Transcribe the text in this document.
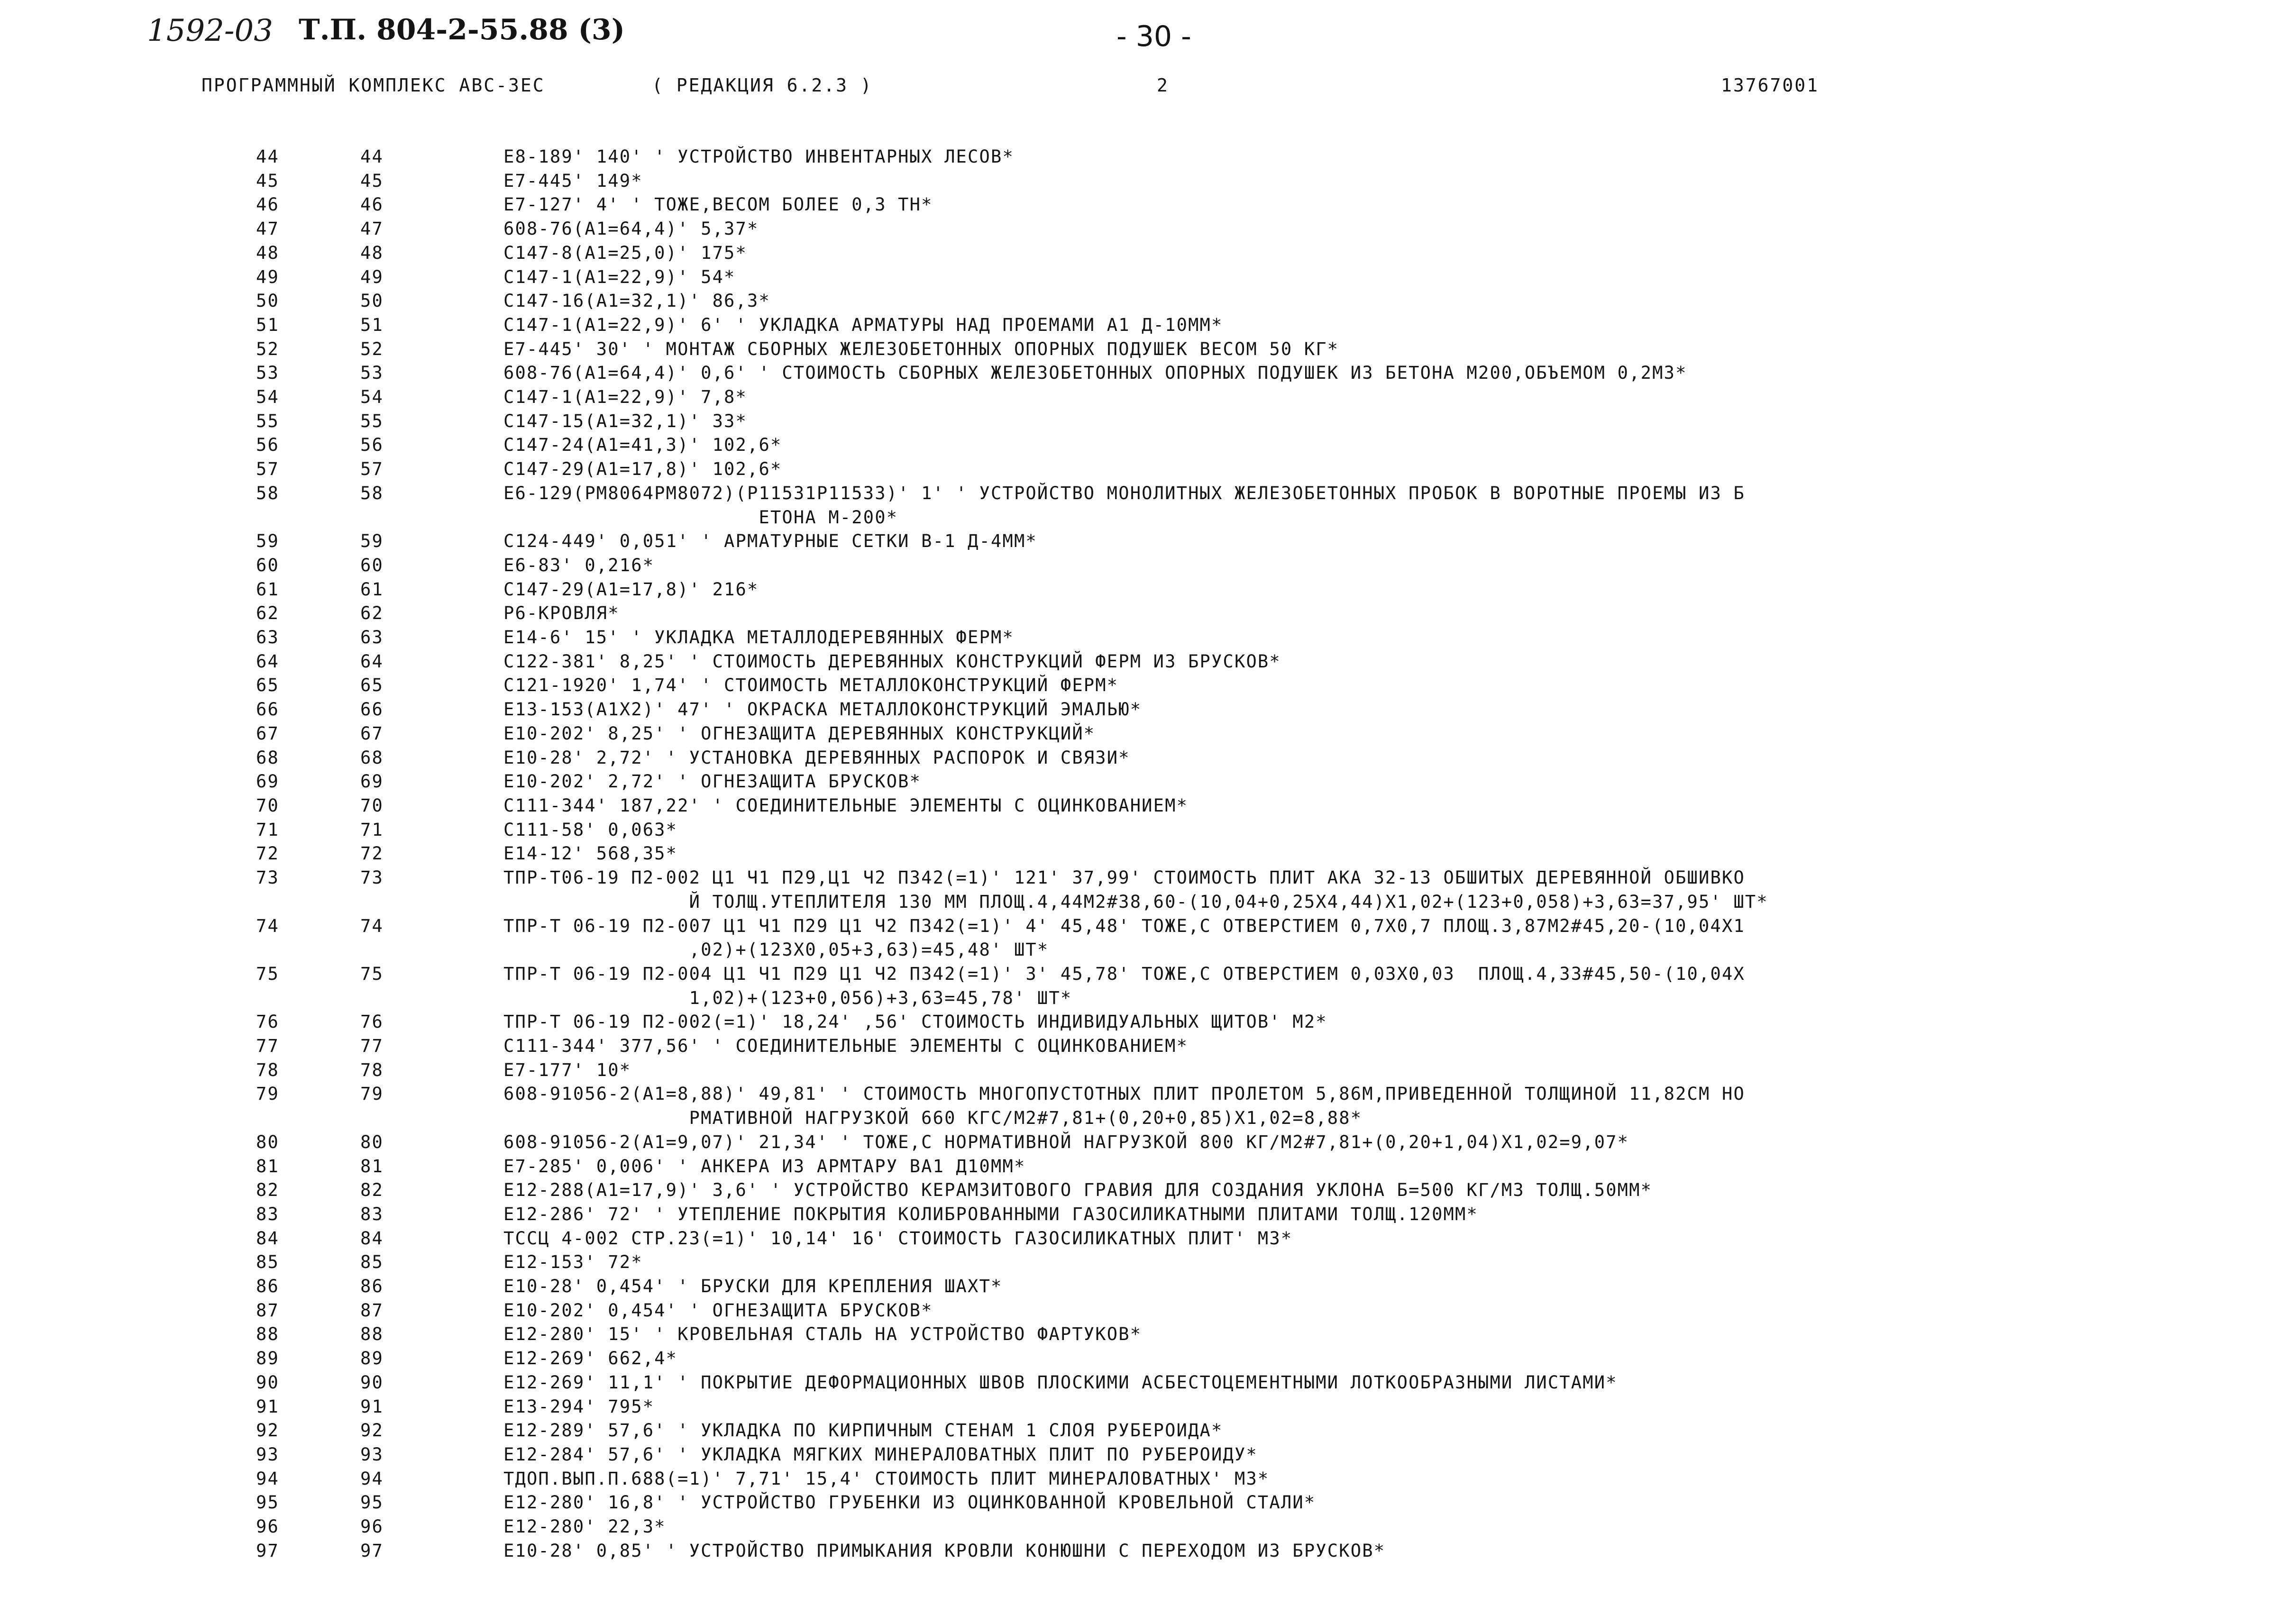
1592-03 Т.П. 804-2-55.88 (3)	- 30 -
ПРОГРАММНЫЙ КОМПЛЕКС АВС-3ЕС	( РЕДАКЦИЯ 6.2.3 )	2	13767001
44	44	Е8-189' 140' ' УСТРОЙСТВО ИНВЕНТАРНЫХ ЛЕСОВ*
45	45	Е7-445' 149*
46	46	Е7-127' 4' ' ТОЖЕ,ВЕСОМ БОЛЕЕ 0,3 ТН*
47	47	608-76(А1=64,4)' 5,37*
48	48	С147-8(А1=25,0)' 175*
49	49	С147-1(А1=22,9)' 54*
50	50	С147-16(А1=32,1)' 86,3*
51	51	С147-1(А1=22,9)' 6' ' УКЛАДКА АРМАТУРЫ НАД ПРОЕМАМИ А1 Д-10ММ*
52	52	Е7-445' 30' ' МОНТАЖ СБОРНЫХ ЖЕЛЕЗОБЕТОННЫХ ОПОРНЫХ ПОДУШЕК ВЕСОМ 50 КГ*
53	53	608-76(А1=64,4)' 0,6' ' СТОИМОСТЬ СБОРНЫХ ЖЕЛЕЗОБЕТОННЫХ ОПОРНЫХ ПОДУШЕК ИЗ БЕТОНА М200,ОБЪЕМОМ 0,2М3*
54	54	С147-1(А1=22,9)' 7,8*
55	55	С147-15(А1=32,1)' 33*
56	56	С147-24(А1=41,3)' 102,6*
57	57	С147-29(А1=17,8)' 102,6*
58	58	Е6-129(РМ8064РМ8072)(Р11531Р11533)' 1' ' УСТРОЙСТВО МОНОЛИТНЫХ ЖЕЛЕЗОБЕТОННЫХ ПРОБОК В ВОРОТНЫЕ ПРОЕМЫ ИЗ Б
ЕТОНА М-200*
59	59	С124-449' 0,051' ' АРМАТУРНЫЕ СЕТКИ В-1 Д-4ММ*
60	60	Е6-83' 0,216*
61	61	С147-29(А1=17,8)' 216*
62	62	Р6-КРОВЛЯ*
63	63	Е14-6' 15' ' УКЛАДКА МЕТАЛЛОДЕРЕВЯННЫХ ФЕРМ*
64	64	С122-381' 8,25' ' СТОИМОСТЬ ДЕРЕВЯННЫХ КОНСТРУКЦИЙ ФЕРМ ИЗ БРУСКОВ*
65	65	С121-1920' 1,74' ' СТОИМОСТЬ МЕТАЛЛОКОНСТРУКЦИЙ ФЕРМ*
66	66	Е13-153(А1Х2)' 47' ' ОКРАСКА МЕТАЛЛОКОНСТРУКЦИЙ ЭМАЛЬЮ*
67	67	Е10-202' 8,25' ' ОГНЕЗАЩИТА ДЕРЕВЯННЫХ КОНСТРУКЦИЙ*
68	68	Е10-28' 2,72' ' УСТАНОВКА ДЕРЕВЯННЫХ РАСПОРОК И СВЯЗИ*
69	69	Е10-202' 2,72' ' ОГНЕЗАЩИТА БРУСКОВ*
70	70	С111-344' 187,22' ' СОЕДИНИТЕЛЬНЫЕ ЭЛЕМЕНТЫ С ОЦИНКОВАНИЕМ*
71	71	С111-58' 0,063*
72	72	Е14-12' 568,35*
73	73	ТПР-Т06-19 П2-002 Ц1 Ч1 П29,Ц1 Ч2 П342(=1)' 121' 37,99' СТОИМОСТЬ ПЛИТ АКА 32-13 ОБШИТЫХ ДЕРЕВЯННОЙ ОБШИВКО
Й ТОЛЩ.УТЕПЛИТЕЛЯ 130 ММ ПЛОЩ.4,44М2#38,60-(10,04+0,25Х4,44)Х1,02+(123+0,058)+3,63=37,95' ШТ*
74	74	ТПР-Т 06-19 П2-007 Ц1 Ч1 П29 Ц1 Ч2 П342(=1)' 4' 45,48' ТОЖЕ,С ОТВЕРСТИЕМ 0,7Х0,7 ПЛОЩ.3,87М2#45,20-(10,04Х1
,02)+(123Х0,05+3,63)=45,48' ШТ*
75	75	ТПР-Т 06-19 П2-004 Ц1 Ч1 П29 Ц1 Ч2 П342(=1)' 3' 45,78' ТОЖЕ,С ОТВЕРСТИЕМ 0,03Х0,03  ПЛОЩ.4,33#45,50-(10,04Х
1,02)+(123+0,056)+3,63=45,78' ШТ*
76	76	ТПР-Т 06-19 П2-002(=1)' 18,24' ,56' СТОИМОСТЬ ИНДИВИДУАЛЬНЫХ ЩИТОВ' М2*
77	77	С111-344' 377,56' ' СОЕДИНИТЕЛЬНЫЕ ЭЛЕМЕНТЫ С ОЦИНКОВАНИЕМ*
78	78	Е7-177' 10*
79	79	608-91056-2(А1=8,88)' 49,81' ' СТОИМОСТЬ МНОГОПУСТОТНЫХ ПЛИТ ПРОЛЕТОМ 5,86М,ПРИВЕДЕННОЙ ТОЛЩИНОЙ 11,82СМ НО
РМАТИВНОЙ НАГРУЗКОЙ 660 КГС/М2#7,81+(0,20+0,85)Х1,02=8,88*
80	80	608-91056-2(А1=9,07)' 21,34' ' ТОЖЕ,С НОРМАТИВНОЙ НАГРУЗКОЙ 800 КГ/М2#7,81+(0,20+1,04)Х1,02=9,07*
81	81	Е7-285' 0,006' ' АНКЕРА ИЗ АРМТАРУ ВА1 Д10ММ*
82	82	Е12-288(А1=17,9)' 3,6' ' УСТРОЙСТВО КЕРАМЗИТОВОГО ГРАВИЯ ДЛЯ СОЗДАНИЯ УКЛОНА Б=500 КГ/М3 ТОЛЩ.50ММ*
83	83	Е12-286' 72' ' УТЕПЛЕНИЕ ПОКРЫТИЯ КОЛИБРОВАННЫМИ ГАЗОСИЛИКАТНЫМИ ПЛИТАМИ ТОЛЩ.120ММ*
84	84	ТССЦ 4-002 СТР.23(=1)' 10,14' 16' СТОИМОСТЬ ГАЗОСИЛИКАТНЫХ ПЛИТ' М3*
85	85	Е12-153' 72*
86	86	Е10-28' 0,454' ' БРУСКИ ДЛЯ КРЕПЛЕНИЯ ШАХТ*
87	87	Е10-202' 0,454' ' ОГНЕЗАЩИТА БРУСКОВ*
88	88	Е12-280' 15' ' КРОВЕЛЬНАЯ СТАЛЬ НА УСТРОЙСТВО ФАРТУКОВ*
89	89	Е12-269' 662,4*
90	90	Е12-269' 11,1' ' ПОКРЫТИЕ ДЕФОРМАЦИОННЫХ ШВОВ ПЛОСКИМИ АСБЕСТОЦЕМЕНТНЫМИ ЛОТКООБРАЗНЫМИ ЛИСТАМИ*
91	91	Е13-294' 795*
92	92	Е12-289' 57,6' ' УКЛАДКА ПО КИРПИЧНЫМ СТЕНАМ 1 СЛОЯ РУБЕРОИДА*
93	93	Е12-284' 57,6' ' УКЛАДКА МЯГКИХ МИНЕРАЛОВАТНЫХ ПЛИТ ПО РУБЕРОИДУ*
94	94	ТДОП.ВЫП.П.688(=1)' 7,71' 15,4' СТОИМОСТЬ ПЛИТ МИНЕРАЛОВАТНЫХ' М3*
95	95	Е12-280' 16,8' ' УСТРОЙСТВО ГРУБЕНКИ ИЗ ОЦИНКОВАННОЙ КРОВЕЛЬНОЙ СТАЛИ*
96	96	Е12-280' 22,3*
97	97	Е10-28' 0,85' ' УСТРОЙСТВО ПРИМЫКАНИЯ КРОВЛИ КОНЮШНИ С ПЕРЕХОДОМ ИЗ БРУСКОВ*
